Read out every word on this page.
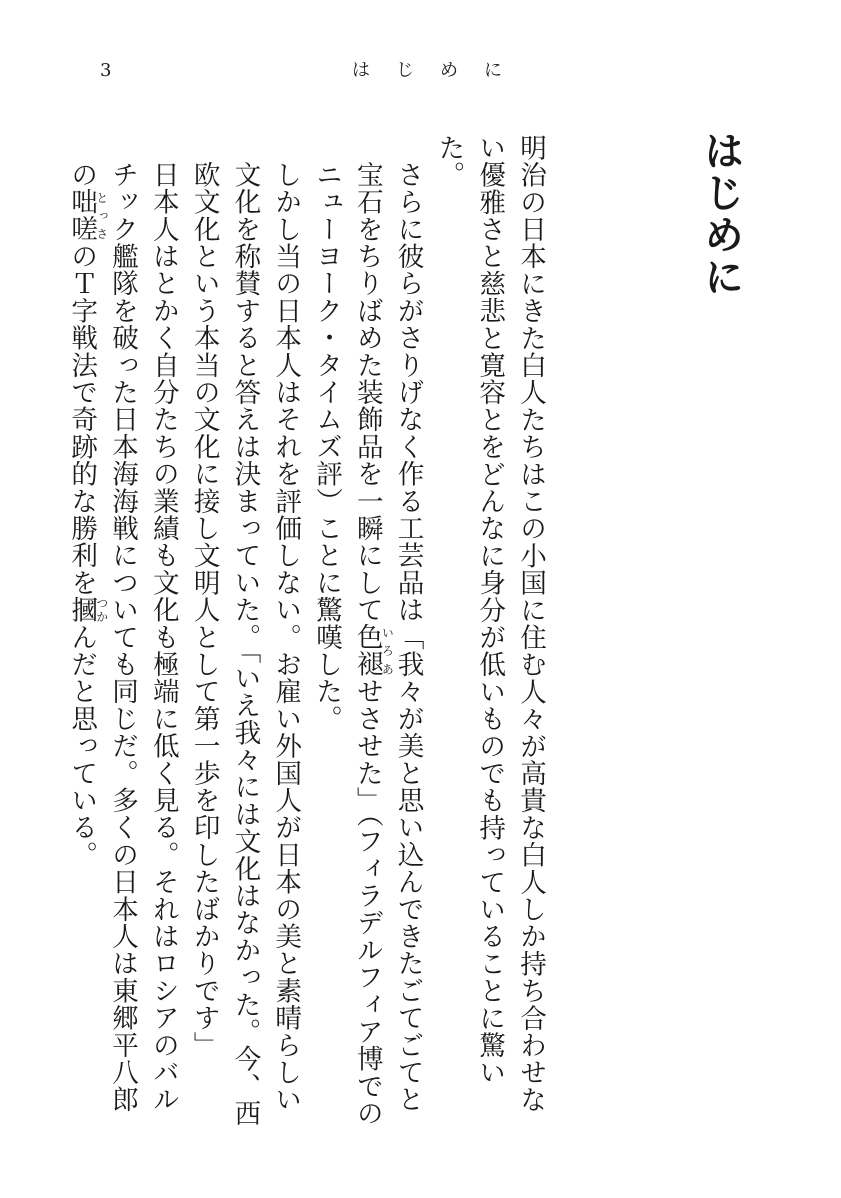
3	はじめに
はじめに

明治の日本にきた白人たちはこの小国に住む人々が高貴な白人しか持ち合わせない優雅さと慈悲と寛容とをどんなに身分が低いものでも持っていることに驚いた。

さらに彼らがさりげなく作る工芸品は「我々が美と思い込んできたごてごてと宝石をちりばめた装飾品を一瞬にして色褪いろあせさせた」（フィラデルフィア博でのニューヨーク・タイムズ評）ことに驚嘆した。

しかし当の日本人はそれを評価しない。お雇い外国人が日本の美と素晴らしい文化を称賛すると答えは決まっていた。「いえ我々には文化はなかった。今、西欧文化という本当の文化に接し文明人として第一歩を印したばかりです」

日本人はとかく自分たちの業績も文化も極端に低く見る。それはロシアのバルチック艦隊を破った日本海海戦についても同じだ。多くの日本人は東郷平八郎の咄嗟とっさのＴ字戦法で奇跡的な勝利を摑つかんだと思っている。
